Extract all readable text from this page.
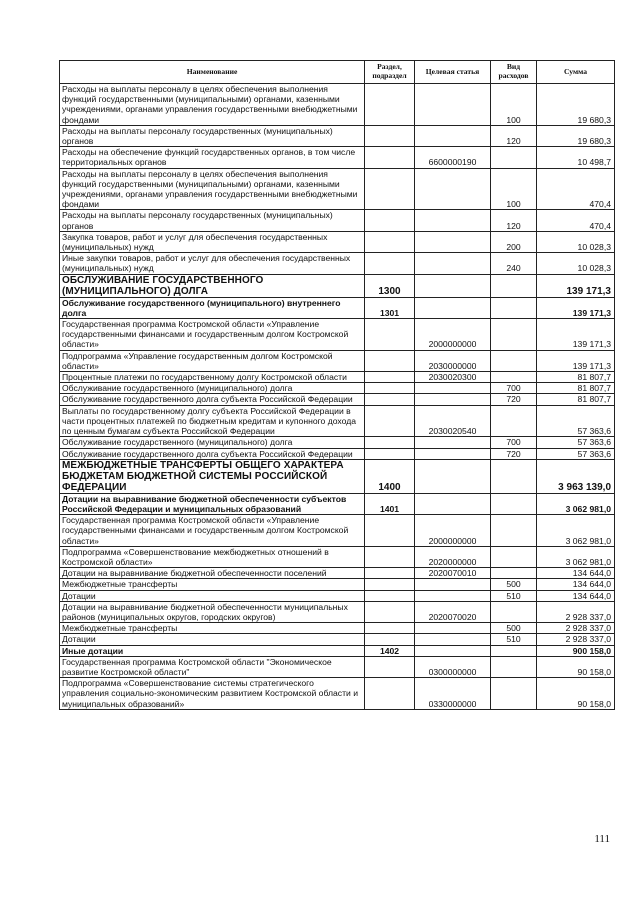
Наименование	Раздел, подраздел	Целевая статья	Вид расходов	Сумма
Расходы на выплаты персоналу в целях обеспечения выполнения функций государственными (муниципальными) органами, казенными учреждениями, органами управления государственными внебюджетными фондами			100	19 680,3
Расходы на выплаты персоналу государственных (муниципальных) органов			120	19 680,3
Расходы на обеспечение функций государственных органов, в том числе территориальных органов		6600000190		10 498,7
Расходы на выплаты персоналу в целях обеспечения выполнения функций государственными (муниципальными) органами, казенными учреждениями, органами управления государственными внебюджетными фондами			100	470,4
Расходы на выплаты персоналу государственных (муниципальных) органов			120	470,4
Закупка товаров, работ и услуг для обеспечения государственных (муниципальных) нужд			200	10 028,3
Иные закупки товаров, работ и услуг для обеспечения государственных (муниципальных) нужд			240	10 028,3
ОБСЛУЖИВАНИЕ ГОСУДАРСТВЕННОГО (МУНИЦИПАЛЬНОГО) ДОЛГА	1300			139 171,3
Обслуживание государственного (муниципального) внутреннего долга	1301			139 171,3
Государственная программа Костромской области «Управление государственными финансами и государственным долгом Костромской области»		2000000000		139 171,3
Подпрограмма «Управление государственным долгом Костромской области»		2030000000		139 171,3
Процентные платежи по государственному долгу Костромской области		2030020300		81 807,7
Обслуживание государственного (муниципального) долга			700	81 807,7
Обслуживание государственного долга субъекта Российской Федерации			720	81 807,7
Выплаты по государственному долгу субъекта Российской Федерации в части процентных платежей по бюджетным кредитам и купонного дохода по ценным бумагам субъекта Российской Федерации		2030020540		57 363,6
Обслуживание государственного (муниципального) долга			700	57 363,6
Обслуживание государственного долга субъекта Российской Федерации			720	57 363,6
МЕЖБЮДЖЕТНЫЕ ТРАНСФЕРТЫ ОБЩЕГО ХАРАКТЕРА БЮДЖЕТАМ БЮДЖЕТНОЙ СИСТЕМЫ РОССИЙСКОЙ ФЕДЕРАЦИИ	1400			3 963 139,0
Дотации на выравнивание бюджетной обеспеченности субъектов Российской Федерации и муниципальных образований	1401			3 062 981,0
Государственная программа Костромской области «Управление государственными финансами и государственным долгом Костромской области»		2000000000		3 062 981,0
Подпрограмма «Совершенствование межбюджетных отношений в Костромской области»		2020000000		3 062 981,0
Дотации на выравнивание бюджетной обеспеченности поселений		2020070010		134 644,0
Межбюджетные трансферты			500	134 644,0
Дотации			510	134 644,0
Дотации на выравнивание бюджетной обеспеченности муниципальных районов (муниципальных округов, городских округов)		2020070020		2 928 337,0
Межбюджетные трансферты			500	2 928 337,0
Дотации			510	2 928 337,0
Иные дотации	1402			900 158,0
Государственная программа Костромской области "Экономическое развитие Костромской области"		0300000000		90 158,0
Подпрограмма «Совершенствование системы стратегического управления социально-экономическим развитием Костромской области и муниципальных образований»		0330000000		90 158,0
111
